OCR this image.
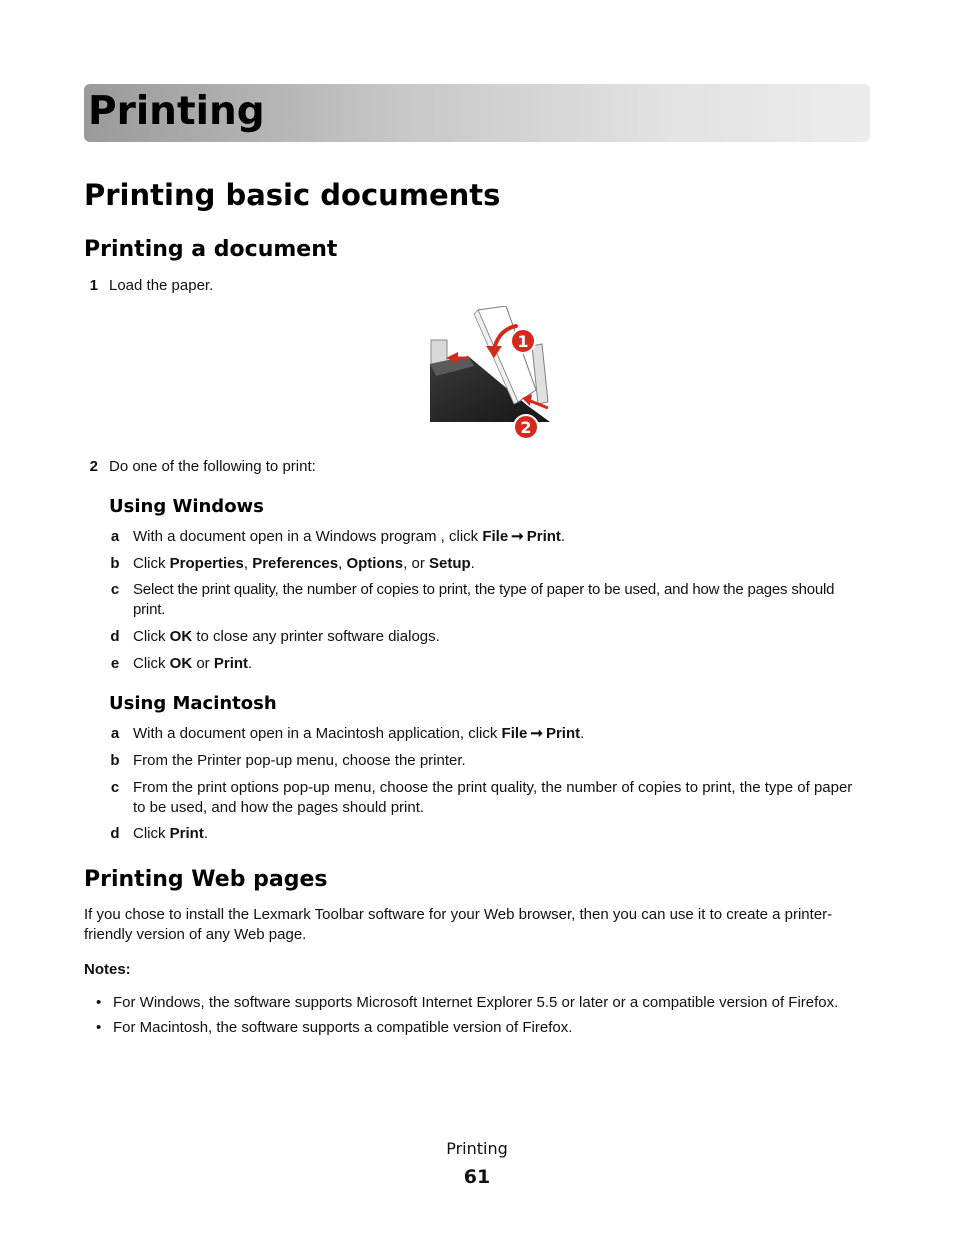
Printing
Printing basic documents
Printing a document
1 Load the paper.
1
2
2 Do one of the following to print:
Using Windows
a With a document open in a Windows program , click File ➞ Print.
b Click Properties, Preferences, Options, or Setup.
c Select the print quality, the number of copies to print, the type of paper to be used, and how the pages should print.
d Click OK to close any printer software dialogs.
e Click OK or Print.
Using Macintosh
a With a document open in a Macintosh application, click File ➞ Print.
b From the Printer pop-up menu, choose the printer.
c From the print options pop-up menu, choose the print quality, the number of copies to print, the type of paper to be used, and how the pages should print.
d Click Print.
Printing Web pages

If you chose to install the Lexmark Toolbar software for your Web browser, then you can use it to create a printer-friendly version of any Web page.

Notes:
• For Windows, the software supports Microsoft Internet Explorer 5.5 or later or a compatible version of Firefox.
• For Macintosh, the software supports a compatible version of Firefox.
Printing
61
